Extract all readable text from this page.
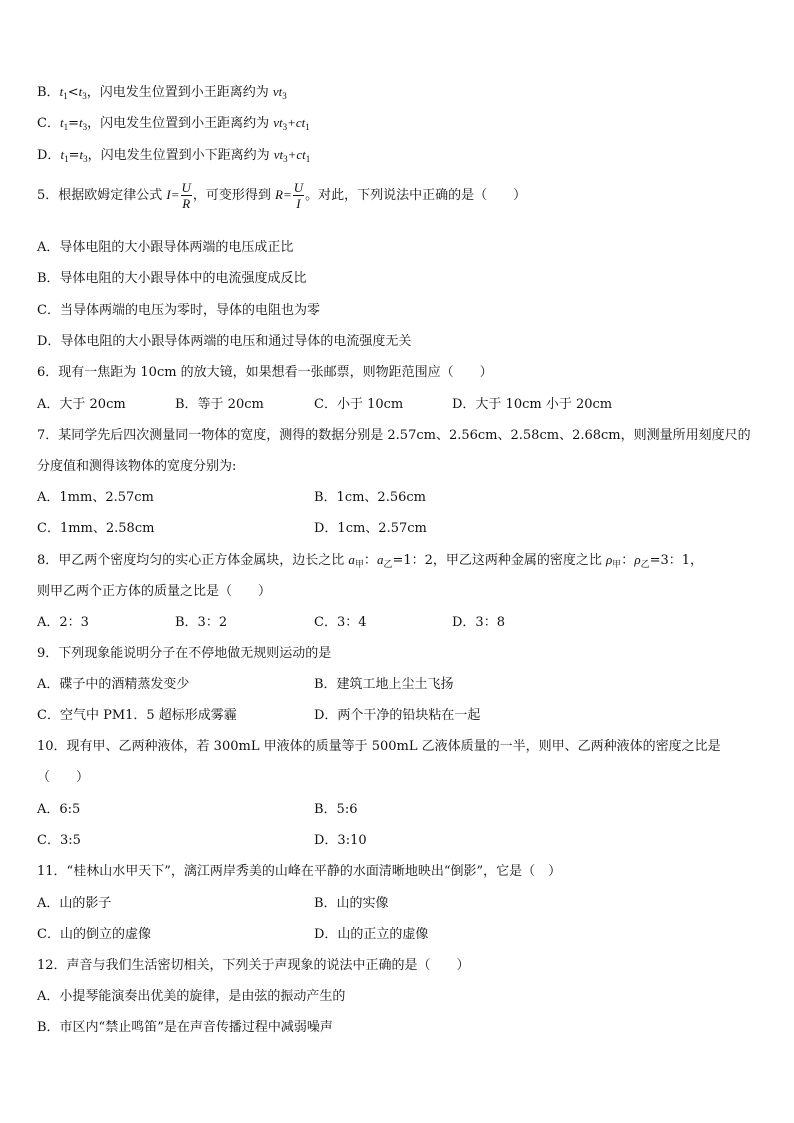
B．$t_1<t_3$，闪电发生位置到小王距离约为 $vt_3$
C．$t_1=t_3$，闪电发生位置到小王距离约为 $vt_3+ct_1$
D．$t_1=t_3$，闪电发生位置到小下距离约为 $vt_3+ct_1$
5．根据欧姆定律公式 $I= \frac{U}{R}$ ，可变形得到 $R= \frac{U}{I}$ 。对此，下列说法中正确的是（　　）
A．导体电阻的大小跟导体两端的电压成正比
B．导体电阻的大小跟导体中的电流强度成反比
C．当导体两端的电压为零时，导体的电阻也为零
D．导体电阻的大小跟导体两端的电压和通过导体的电流强度无关
6．现有一焦距为 10cm 的放大镜，如果想看一张邮票，则物距范围应（　　）
A．大于 20cm	B．等于 20cm	C．小于 10cm	D．大于 10cm 小于 20cm
7．某同学先后四次测量同一物体的宽度，测得的数据分别是 2.57cm、2.56cm、2.58cm、2.68cm，则测量所用刻度尺的
分度值和测得该物体的宽度分别为:
A．1mm、2.57cm	B．1cm、2.56cm
C．1mm、2.58cm	D．1cm、2.57cm
8．甲乙两个密度均匀的实心正方体金属块，边长之比 $a_甲$：$a_乙=1$：2，甲乙这两种金属的密度之比 $\rho_甲$：$\rho_乙=3$：1，
则甲乙两个正方体的质量之比是（　　）
A．2：3	B．3：2	C．3：4	D．3：8
9．下列现象能说明分子在不停地做无规则运动的是
A．碟子中的酒精蒸发变少	B．建筑工地上尘土飞扬
C．空气中 PM1．5 超标形成雾霾	D．两个干净的铅块粘在一起
10．现有甲、乙两种液体，若 300mL 甲液体的质量等于 500mL 乙液体质量的一半，则甲、乙两种液体的密度之比是
（　　）
A．6:5	B．5:6
C．3:5	D．3:10
11．“桂林山水甲天下”，漓江两岸秀美的山峰在平静的水面清晰地映出“倒影”，它是（　）
A．山的影子	B．山的实像
C．山的倒立的虚像	D．山的正立的虚像
12．声音与我们生活密切相关，下列关于声现象的说法中正确的是（　　）
A．小提琴能演奏出优美的旋律，是由弦的振动产生的
B．市区内“禁止鸣笛”是在声音传播过程中减弱噪声
